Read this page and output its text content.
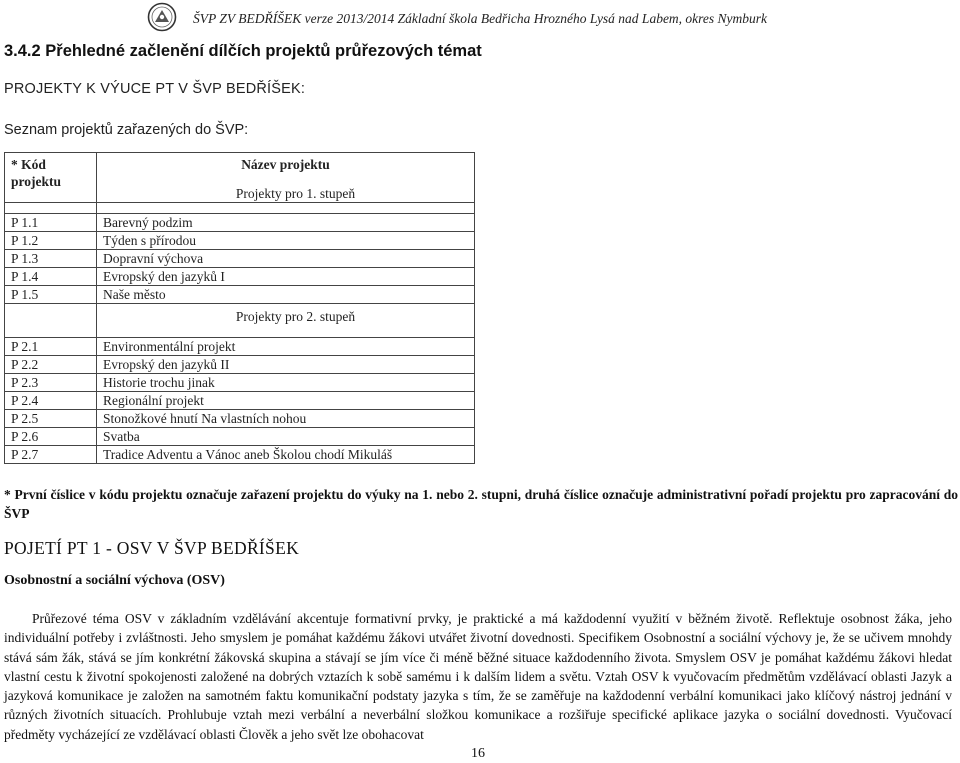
ŠVP ZV BEDŘÍŠEK verze 2013/2014 Základní škola Bedřicha Hrozného Lysá nad Labem, okres Nymburk
3.4.2 Přehledné začlenění dílčích projektů průřezových témat
PROJEKTY K VÝUCE PT V ŠVP BEDŘÍŠEK:
Seznam projektů zařazených do ŠVP:
* Kód projektu	Název projektu
Projekty pro 1. stupeň

P 1.1	Barevný podzim
P 1.2	Týden s přírodou
P 1.3	Dopravní výchova
P 1.4	Evropský den jazyků I
P 1.5	Naše město
	Projekty pro 2. stupeň
P 2.1	Environmentální projekt
P 2.2	Evropský den jazyků II
P 2.3	Historie trochu jinak
P 2.4	Regionální projekt
P 2.5	Stonožkové hnutí Na vlastních nohou
P 2.6	Svatba
P 2.7	Tradice Adventu a Vánoc aneb Školou chodí Mikuláš
* První číslice v kódu projektu označuje zařazení projektu do výuky na 1. nebo 2. stupni, druhá číslice označuje administrativní pořadí projektu pro zapracování do ŠVP
POJETÍ PT 1 - OSV V ŠVP BEDŘÍŠEK
Osobnostní a sociální výchova (OSV)
Průřezové téma OSV v základním vzdělávání akcentuje formativní prvky, je praktické a má každodenní využití v běžném životě. Reflektuje osobnost žáka, jeho individuální potřeby i zvláštnosti. Jeho smyslem je pomáhat každému žákovi utvářet životní dovednosti. Specifikem Osobnostní a sociální výchovy je, že se učivem mnohdy stává sám žák, stává se jím konkrétní žákovská skupina a stávají se jím více či méně běžné situace každodenního života. Smyslem OSV je pomáhat každému žákovi hledat vlastní cestu k životní spokojenosti založené na dobrých vztazích k sobě samému i k dalším lidem a světu. Vztah OSV k vyučovacím předmětům vzdělávací oblasti Jazyk a jazyková komunikace je založen na samotném faktu komunikační podstaty jazyka s tím, že se zaměřuje na každodenní verbální komunikaci jako klíčový nástroj jednání v různých životních situacích. Prohlubuje vztah mezi verbální a neverbální složkou komunikace a rozšiřuje specifické aplikace jazyka o sociální dovednosti. Vyučovací předměty vycházející ze vzdělávací oblasti Člověk a jeho svět lze obohacovat
16
